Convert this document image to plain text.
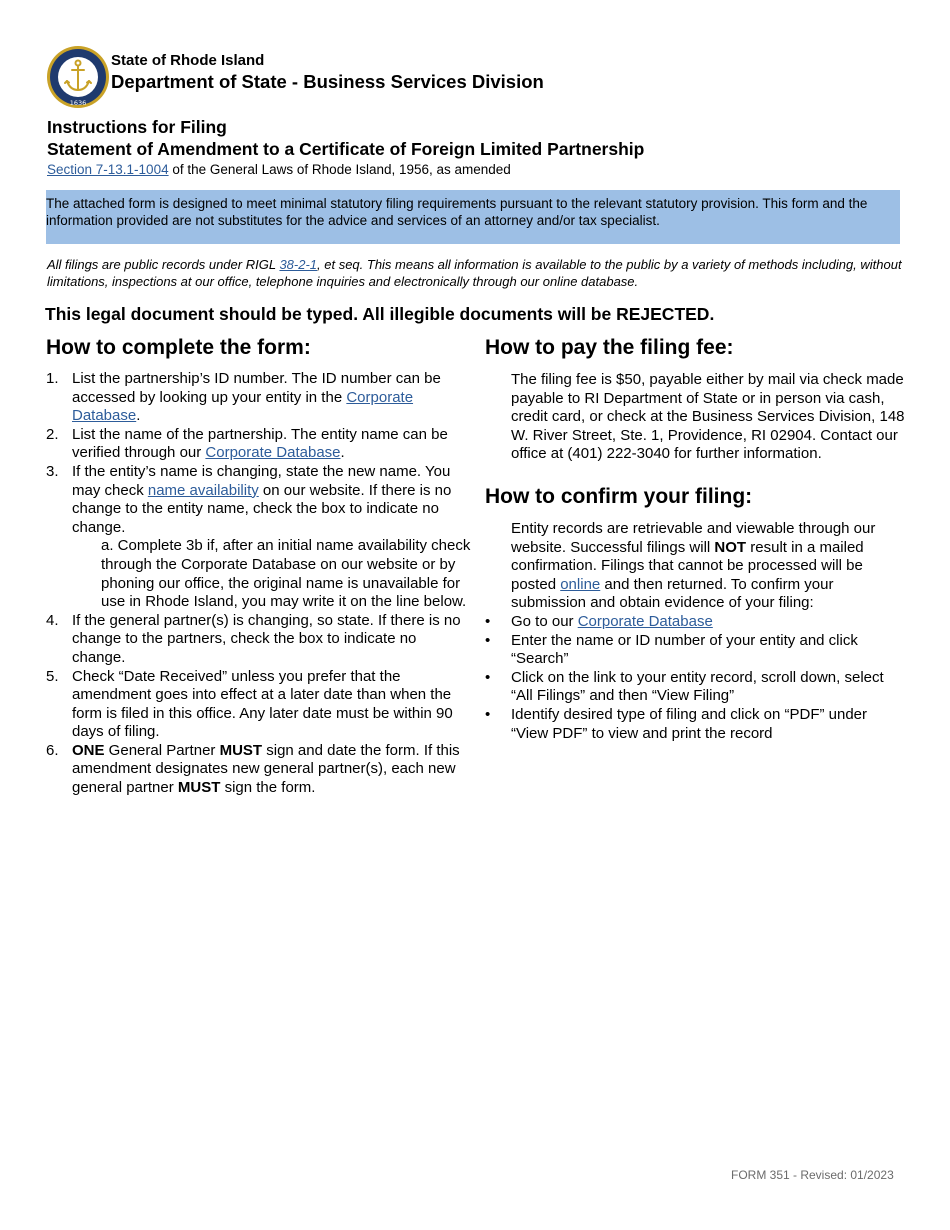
1636
State of Rhode Island
Department of State - Business Services Division
Instructions for Filing
Statement of Amendment to a Certificate of Foreign Limited Partnership
Section 7-13.1-1004 of the General Laws of Rhode Island, 1956, as amended
The attached form is designed to meet minimal statutory filing requirements pursuant to the relevant statutory provision. This form and the information provided are not substitutes for the advice and services of an attorney and/or tax specialist.
All filings are public records under RIGL 38-2-1, et seq. This means all information is available to the public by a variety of methods including, without limitations, inspections at our office, telephone inquiries and electronically through our online database.
This legal document should be typed. All illegible documents will be REJECTED.
How to complete the form:
1. List the partnership’s ID number. The ID number can be accessed by looking up your entity in the Corporate Database.
2. List the name of the partnership. The entity name can be verified through our Corporate Database.
3. If the entity’s name is changing, state the new name. You may check name availability on our website. If there is no change to the entity name, check the box to indicate no change.
a. Complete 3b if, after an initial name availability check through the Corporate Database on our website or by phoning our office, the original name is unavailable for use in Rhode Island, you may write it on the line below.
4. If the general partner(s) is changing, so state. If there is no change to the partners, check the box to indicate no change.
5. Check “Date Received” unless you prefer that the amendment goes into effect at a later date than when the form is filed in this office. Any later date must be within 90 days of filing.
6. ONE General Partner MUST sign and date the form. If this amendment designates new general partner(s), each new general partner MUST sign the form.
How to pay the filing fee:
The filing fee is $50, payable either by mail via check made payable to RI Department of State or in person via cash, credit card, or check at the Business Services Division, 148 W. River Street, Ste. 1, Providence, RI 02904. Contact our office at (401) 222-3040 for further information.
How to confirm your filing:
Entity records are retrievable and viewable through our website. Successful filings will NOT result in a mailed confirmation. Filings that cannot be processed will be posted online and then returned. To confirm your submission and obtain evidence of your filing:
• Go to our Corporate Database
• Enter the name or ID number of your entity and click “Search”
• Click on the link to your entity record, scroll down, select “All Filings” and then “View Filing”
• Identify desired type of filing and click on “PDF” under “View PDF” to view and print the record
FORM 351 - Revised: 01/2023
